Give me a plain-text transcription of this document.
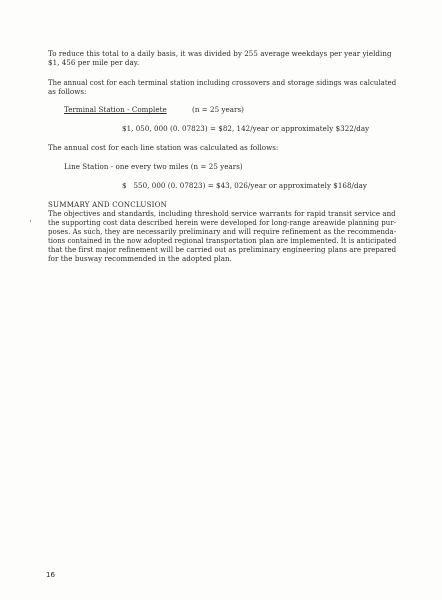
To reduce this total to a daily basis, it was divided by 255 average weekdays per year yielding
$1, 456 per mile per day.
The annual cost for each terminal station including crossovers and storage sidings was calculated
as follows:
Terminal Station - Complete	(n = 25 years)
$1, 050, 000 (0. 07823) = $82, 142/year or approximately $322/day
The annual cost for each line station was calculated as follows:
Line Station - one every two miles (n = 25 years)
$   550, 000 (0. 07823) = $43, 026/year or approximately $168/day
SUMMARY AND CONCLUSION
The objectives and standards, including threshold service warrants for rapid transit service and
the supporting cost data described herein were developed for long-range areawide planning pur-
poses. As such, they are necessarily preliminary and will require refinement as the recommenda-
tions contained in the now adopted regional transportation plan are implemented. It is anticipated
that the first major refinement will be carried out as preliminary engineering plans are prepared
for the busway recommended in the adopted plan.
16
